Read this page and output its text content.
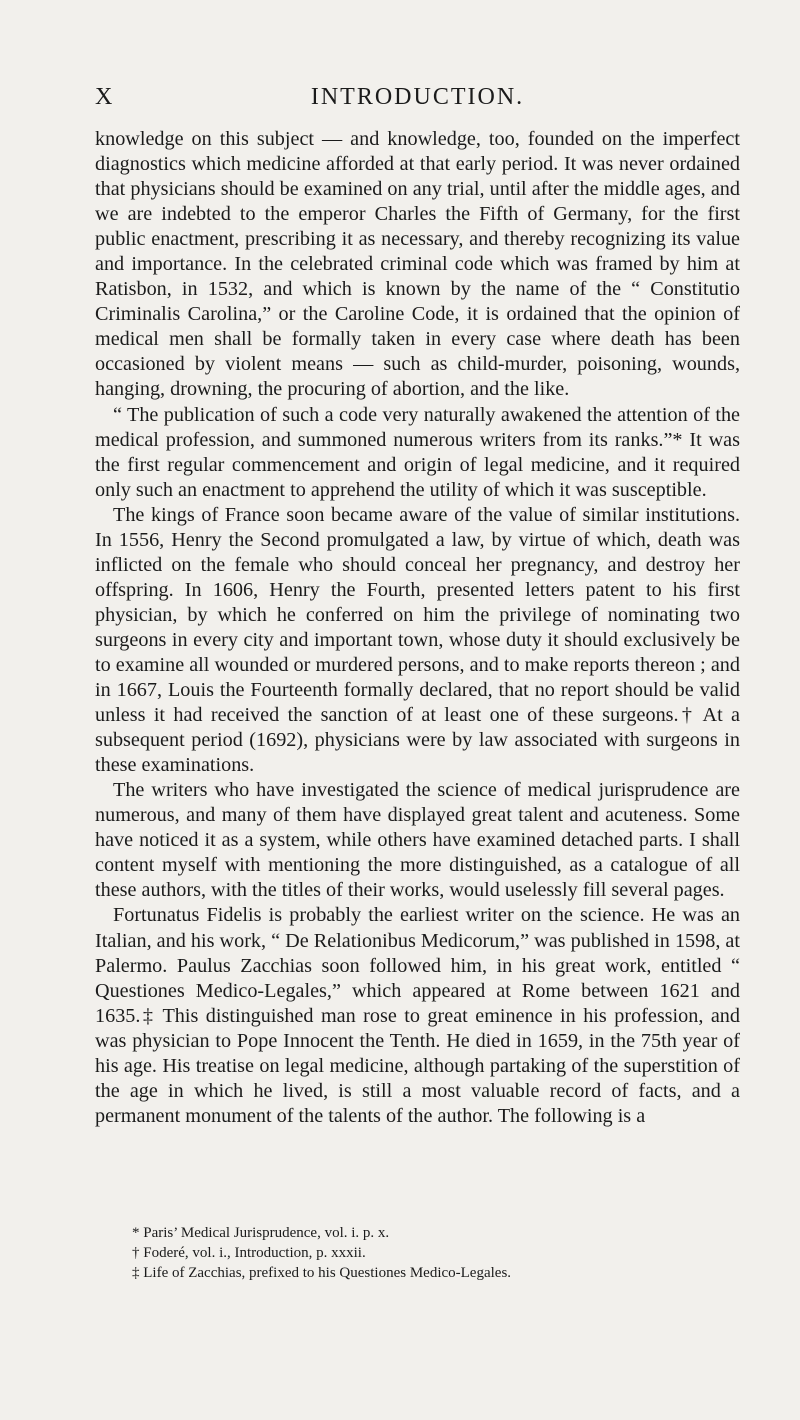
X	INTRODUCTION.

knowledge on this subject — and knowledge, too, founded on the imperfect diagnostics which medicine afforded at that early period. It was never ordained that physicians should be examined on any trial, until after the middle ages, and we are indebted to the emperor Charles the Fifth of Germany, for the first public enactment, prescribing it as necessary, and thereby recognizing its value and importance. In the celebrated criminal code which was framed by him at Ratisbon, in 1532, and which is known by the name of the “ Constitutio Criminalis Carolina,” or the Caroline Code, it is ordained that the opinion of medical men shall be formally taken in every case where death has been occasioned by violent means — such as child-murder, poisoning, wounds, hanging, drowning, the procuring of abortion, and the like.

“ The publication of such a code very naturally awakened the attention of the medical profession, and summoned numerous writers from its ranks.”* It was the first regular commencement and origin of legal medicine, and it required only such an enactment to apprehend the utility of which it was susceptible.

The kings of France soon became aware of the value of similar institutions. In 1556, Henry the Second promulgated a law, by virtue of which, death was inflicted on the female who should conceal her pregnancy, and destroy her offspring. In 1606, Henry the Fourth, presented letters patent to his first physician, by which he conferred on him the privilege of nominating two surgeons in every city and important town, whose duty it should exclusively be to examine all wounded or murdered persons, and to make reports thereon ; and in 1667, Louis the Fourteenth formally declared, that no report should be valid unless it had received the sanction of at least one of these surgeons.† At a subsequent period (1692), physicians were by law associated with surgeons in these examinations.

The writers who have investigated the science of medical jurisprudence are numerous, and many of them have displayed great talent and acuteness. Some have noticed it as a system, while others have examined detached parts. I shall content myself with mentioning the more distinguished, as a catalogue of all these authors, with the titles of their works, would uselessly fill several pages.

Fortunatus Fidelis is probably the earliest writer on the science. He was an Italian, and his work, “ De Relationibus Medicorum,” was published in 1598, at Palermo. Paulus Zacchias soon followed him, in his great work, entitled “ Questiones Medico-Legales,” which appeared at Rome between 1621 and 1635.‡ This distinguished man rose to great eminence in his profession, and was physician to Pope Innocent the Tenth. He died in 1659, in the 75th year of his age. His treatise on legal medicine, although partaking of the superstition of the age in which he lived, is still a most valuable record of facts, and a permanent monument of the talents of the author. The following is a

* Paris’ Medical Jurisprudence, vol. i. p. x.
† Foderé, vol. i., Introduction, p. xxxii.
‡ Life of Zacchias, prefixed to his Questiones Medico-Legales.
